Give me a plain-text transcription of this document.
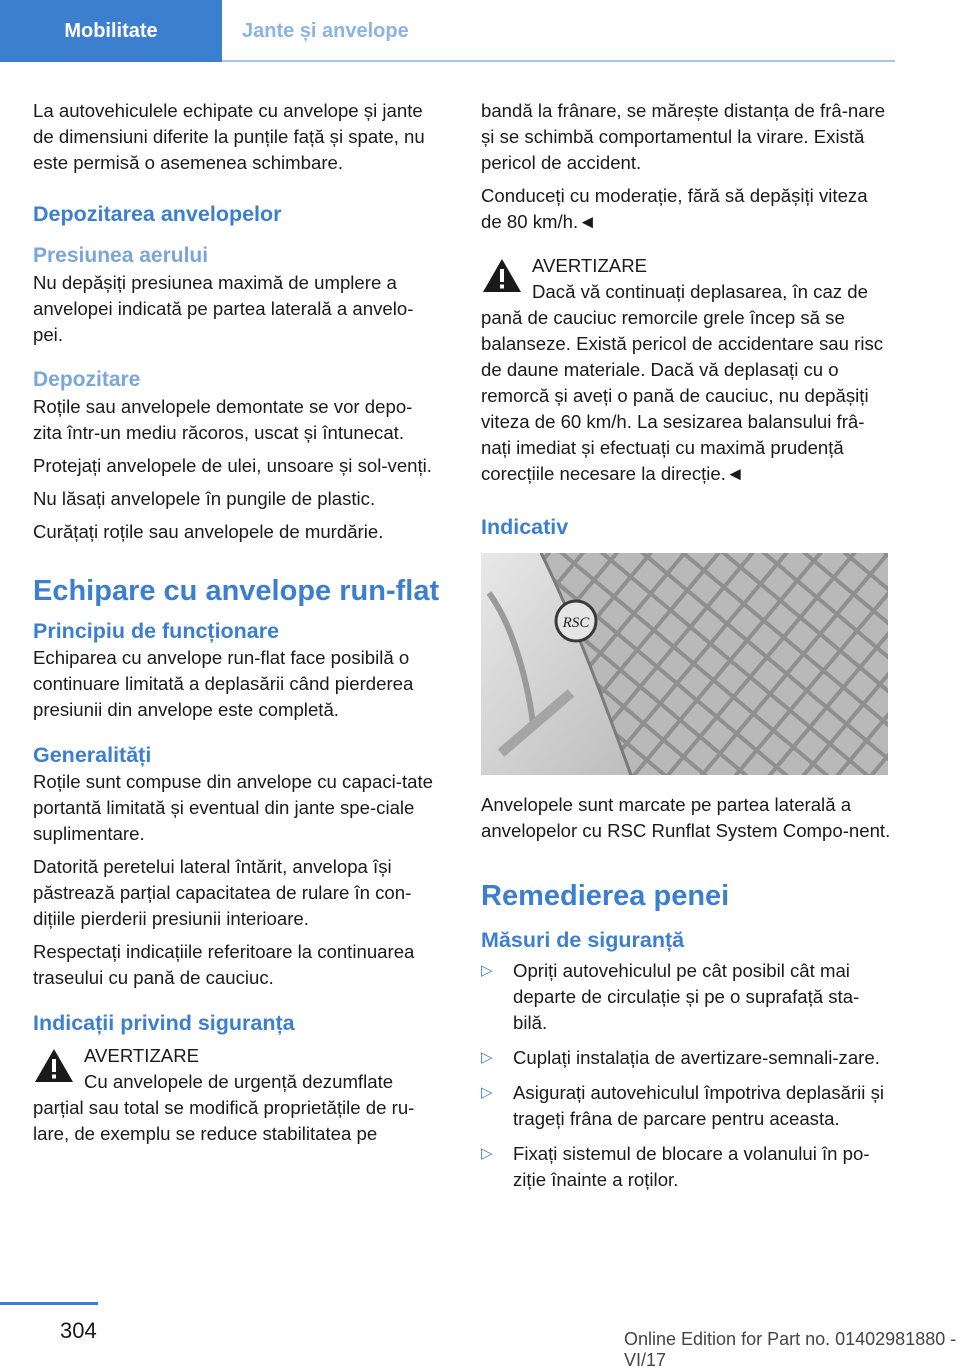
Mobilitate	Jante și anvelope

La autovehiculele echipate cu anvelope și jante de dimensiuni diferite la punțile față și spate, nu este permisă o asemenea schimbare.

Depozitarea anvelopelor
Presiunea aerului

Nu depășiți presiunea maximă de umplere a anvelopei indicată pe partea laterală a anvelo-pei.

Depozitare

Roțile sau anvelopele demontate se vor depo-zita într-un mediu răcoros, uscat și întunecat.

Protejați anvelopele de ulei, unsoare și sol-venți.

Nu lăsați anvelopele în pungile de plastic.

Curățați roțile sau anvelopele de murdărie.

Echipare cu anvelope run-flat
Principiu de funcționare

Echiparea cu anvelope run-flat face posibilă o continuare limitată a deplasării când pierderea presiunii din anvelope este completă.

Generalități

Roțile sunt compuse din anvelope cu capaci-tate portantă limitată și eventual din jante spe-ciale suplimentare.

Datorită peretelui lateral întărit, anvelopa își păstrează parțial capacitatea de rulare în con-dițiile pierderii presiunii interioare.

Respectați indicațiile referitoare la continuarea traseului cu pană de cauciuc.

Indicații privind siguranța
AVERTIZARE
Cu anvelopele de urgență dezumflate
parțial sau total se modifică proprietățile de ru-lare, de exemplu se reduce stabilitatea pe

bandă la frânare, se mărește distanța de frâ-nare și se schimbă comportamentul la virare. Există pericol de accident.

Conduceți cu moderație, fără să depășiți viteza de 80 km/h.◄

AVERTIZARE
Dacă vă continuați deplasarea, în caz de
pană de cauciuc remorcile grele încep să se balanseze. Există pericol de accidentare sau risc de daune materiale. Dacă vă deplasați cu o remorcă și aveți o pană de cauciuc, nu depășiți viteza de 60 km/h. La sesizarea balansului frâ-nați imediat și efectuați cu maximă prudență corecțiile necesare la direcție.◄
Indicativ
RSC

Anvelopele sunt marcate pe partea laterală a anvelopelor cu RSC Runflat System Compo-nent.

Remedierea penei
Măsuri de siguranță
▷ Opriți autovehiculul pe cât posibil cât mai departe de circulație și pe o suprafață sta-bilă.
▷ Cuplați instalația de avertizare-semnali-zare.
▷ Asigurați autovehiculul împotriva deplasării și trageți frâna de parcare pentru aceasta.
▷ Fixați sistemul de blocare a volanului în po-ziție înainte a roților.
304	Online Edition for Part no. 01402981880 - VI/17
